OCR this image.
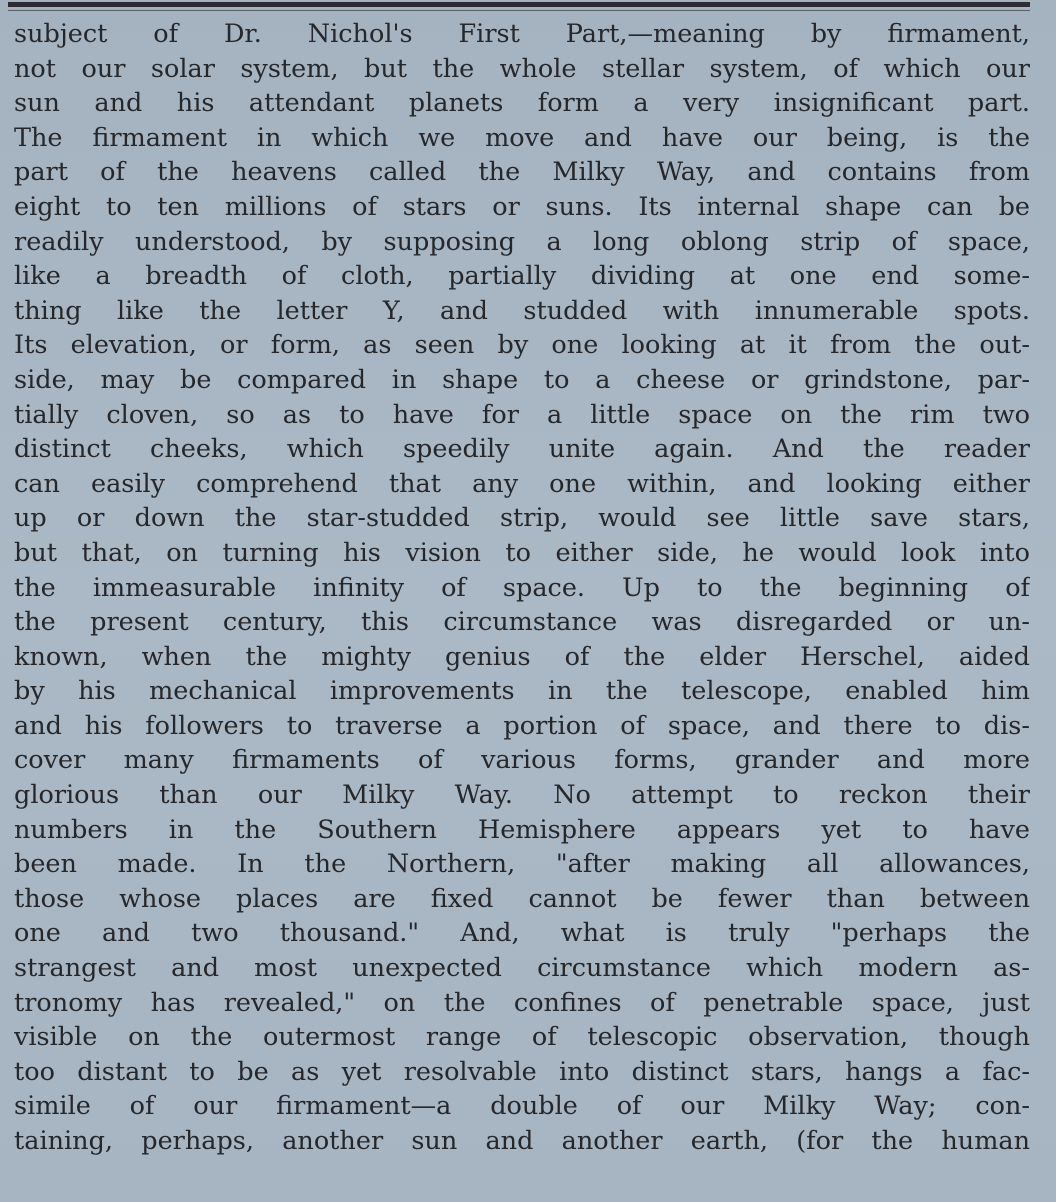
subject of Dr. Nichol's First Part,—meaning by firmament,
not our solar system, but the whole stellar system, of which our
sun and his attendant planets form a very insignificant part.
The firmament in which we move and have our being, is the
part of the heavens called the Milky Way, and contains from
eight to ten millions of stars or suns. Its internal shape can be
readily understood, by supposing a long oblong strip of space,
like a breadth of cloth, partially dividing at one end some-
thing like the letter Y, and studded with innumerable spots.
Its elevation, or form, as seen by one looking at it from the out-
side, may be compared in shape to a cheese or grindstone, par-
tially cloven, so as to have for a little space on the rim two
distinct cheeks, which speedily unite again. And the reader
can easily comprehend that any one within, and looking either
up or down the star-studded strip, would see little save stars,
but that, on turning his vision to either side, he would look into
the immeasurable infinity of space. Up to the beginning of
the present century, this circumstance was disregarded or un-
known, when the mighty genius of the elder Herschel, aided
by his mechanical improvements in the telescope, enabled him
and his followers to traverse a portion of space, and there to dis-
cover many firmaments of various forms, grander and more
glorious than our Milky Way. No attempt to reckon their
numbers in the Southern Hemisphere appears yet to have
been made. In the Northern, "after making all allowances,
those whose places are fixed cannot be fewer than between
one and two thousand." And, what is truly "perhaps the
strangest and most unexpected circumstance which modern as-
tronomy has revealed," on the confines of penetrable space, just
visible on the outermost range of telescopic observation, though
too distant to be as yet resolvable into distinct stars, hangs a fac-
simile of our firmament—a double of our Milky Way; con-
taining, perhaps, another sun and another earth, (for the human
